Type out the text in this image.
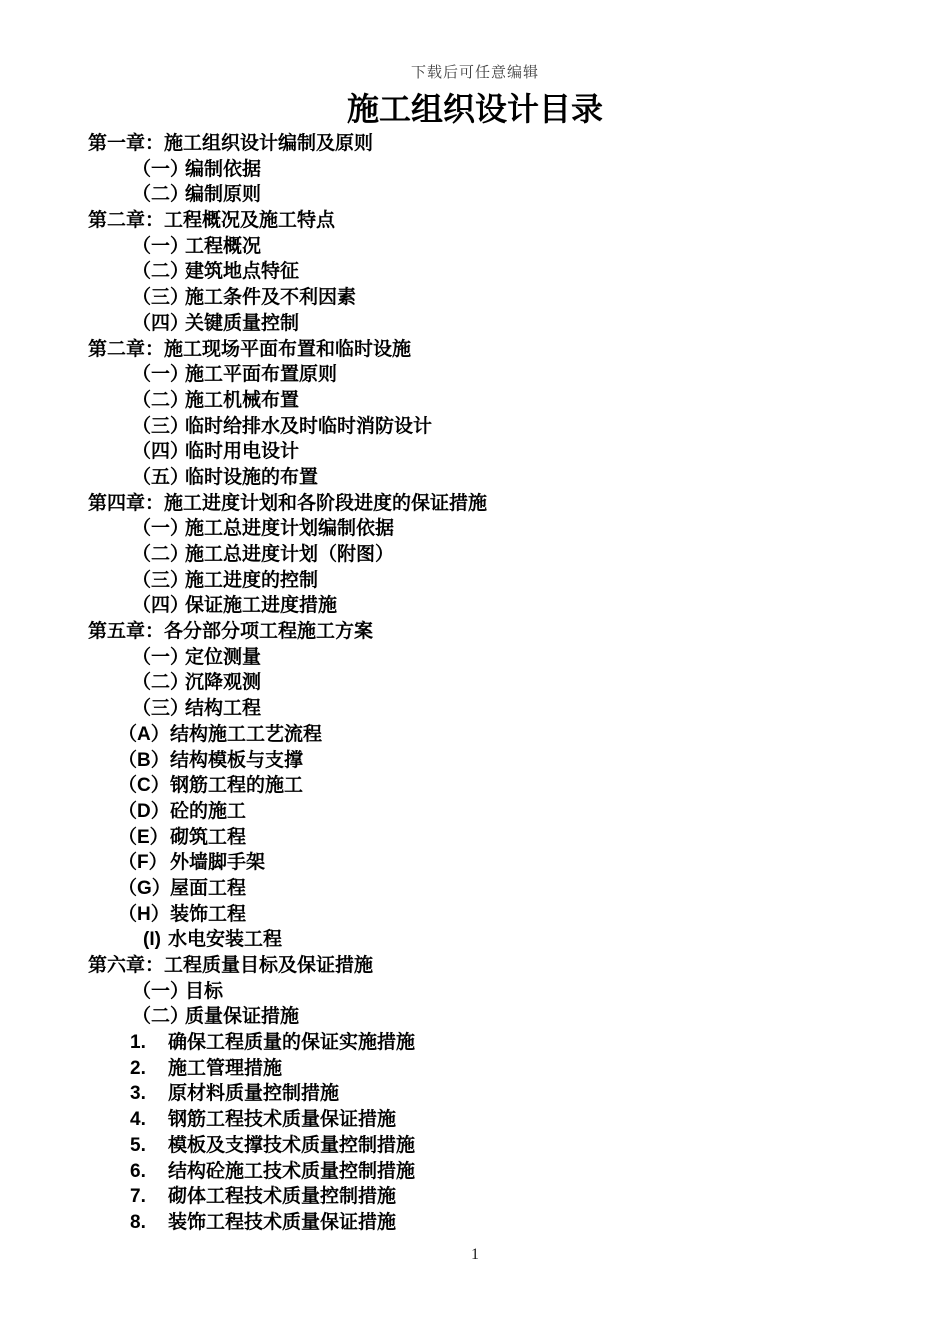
下载后可任意编辑
施工组织设计目录
第一章：施工组织设计编制及原则
（一）编制依据
（二）编制原则
第二章：工程概况及施工特点
（一）工程概况
（二）建筑地点特征
（三）施工条件及不利因素
（四）关键质量控制
第二章：施工现场平面布置和临时设施
（一）施工平面布置原则
（二）施工机械布置
（三）临时给排水及时临时消防设计
（四）临时用电设计
（五）临时设施的布置
第四章：施工进度计划和各阶段进度的保证措施
（一）施工总进度计划编制依据
（二）施工总进度计划（附图）
（三）施工进度的控制
（四）保证施工进度措施
第五章：各分部分项工程施工方案
（一）定位测量
（二）沉降观测
（三）结构工程
（A）结构施工工艺流程
（B）结构模板与支撑
（C）钢筋工程的施工
（D）砼的施工
（E）砌筑工程
（F） 外墙脚手架
（G）屋面工程
（H）装饰工程
(I) 水电安装工程
第六章：工程质量目标及保证措施
（一）目标
（二）质量保证措施
1. 确保工程质量的保证实施措施
2. 施工管理措施
3. 原材料质量控制措施
4. 钢筋工程技术质量保证措施
5. 模板及支撑技术质量控制措施
6. 结构砼施工技术质量控制措施
7. 砌体工程技术质量控制措施
8. 装饰工程技术质量保证措施
1
